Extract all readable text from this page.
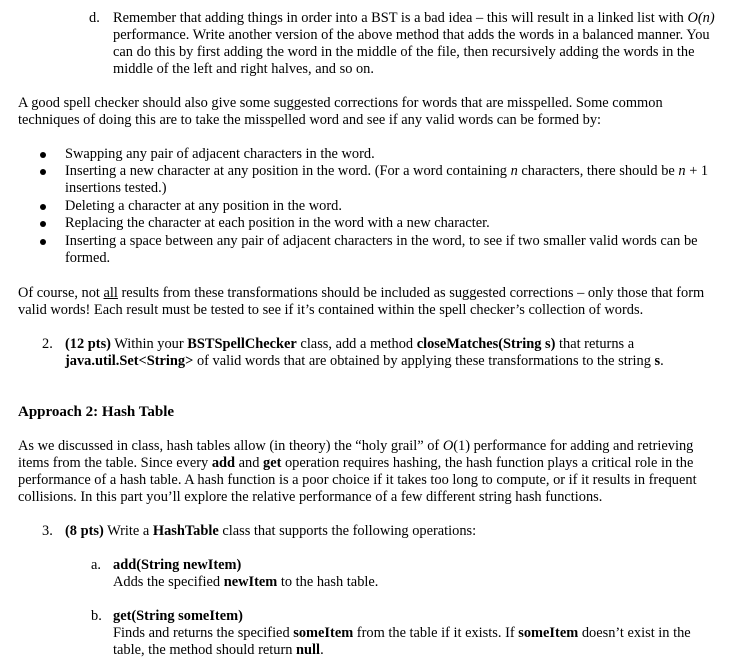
d. Remember that adding things in order into a BST is a bad idea – this will result in a linked list with O(n)
performance. Write another version of the above method that adds the words in a balanced manner. You
can do this by first adding the word in the middle of the file, then recursively adding the words in the
middle of the left and right halves, and so on.
A good spell checker should also give some suggested corrections for words that are misspelled. Some common
techniques of doing this are to take the misspelled word and see if any valid words can be formed by:
Swapping any pair of adjacent characters in the word.
Inserting a new character at any position in the word. (For a word containing n characters, there should be n + 1
insertions tested.)
Deleting a character at any position in the word.
Replacing the character at each position in the word with a new character.
Inserting a space between any pair of adjacent characters in the word, to see if two smaller valid words can be
formed.
Of course, not all results from these transformations should be included as suggested corrections – only those that form
valid words! Each result must be tested to see if it’s contained within the spell checker’s collection of words.
2. (12 pts) Within your BSTSpellChecker class, add a method closeMatches(String s) that returns a
java.util.Set<String> of valid words that are obtained by applying these transformations to the string s.
Approach 2: Hash Table
As we discussed in class, hash tables allow (in theory) the “holy grail” of O(1) performance for adding and retrieving
items from the table. Since every add and get operation requires hashing, the hash function plays a critical role in the
performance of a hash table. A hash function is a poor choice if it takes too long to compute, or if it results in frequent
collisions. In this part you’ll explore the relative performance of a few different string hash functions.
3. (8 pts) Write a HashTable class that supports the following operations:
a. add(String newItem)
Adds the specified newItem to the hash table.
b. get(String someItem)
Finds and returns the specified someItem from the table if it exists. If someItem doesn’t exist in the
table, the method should return null.
